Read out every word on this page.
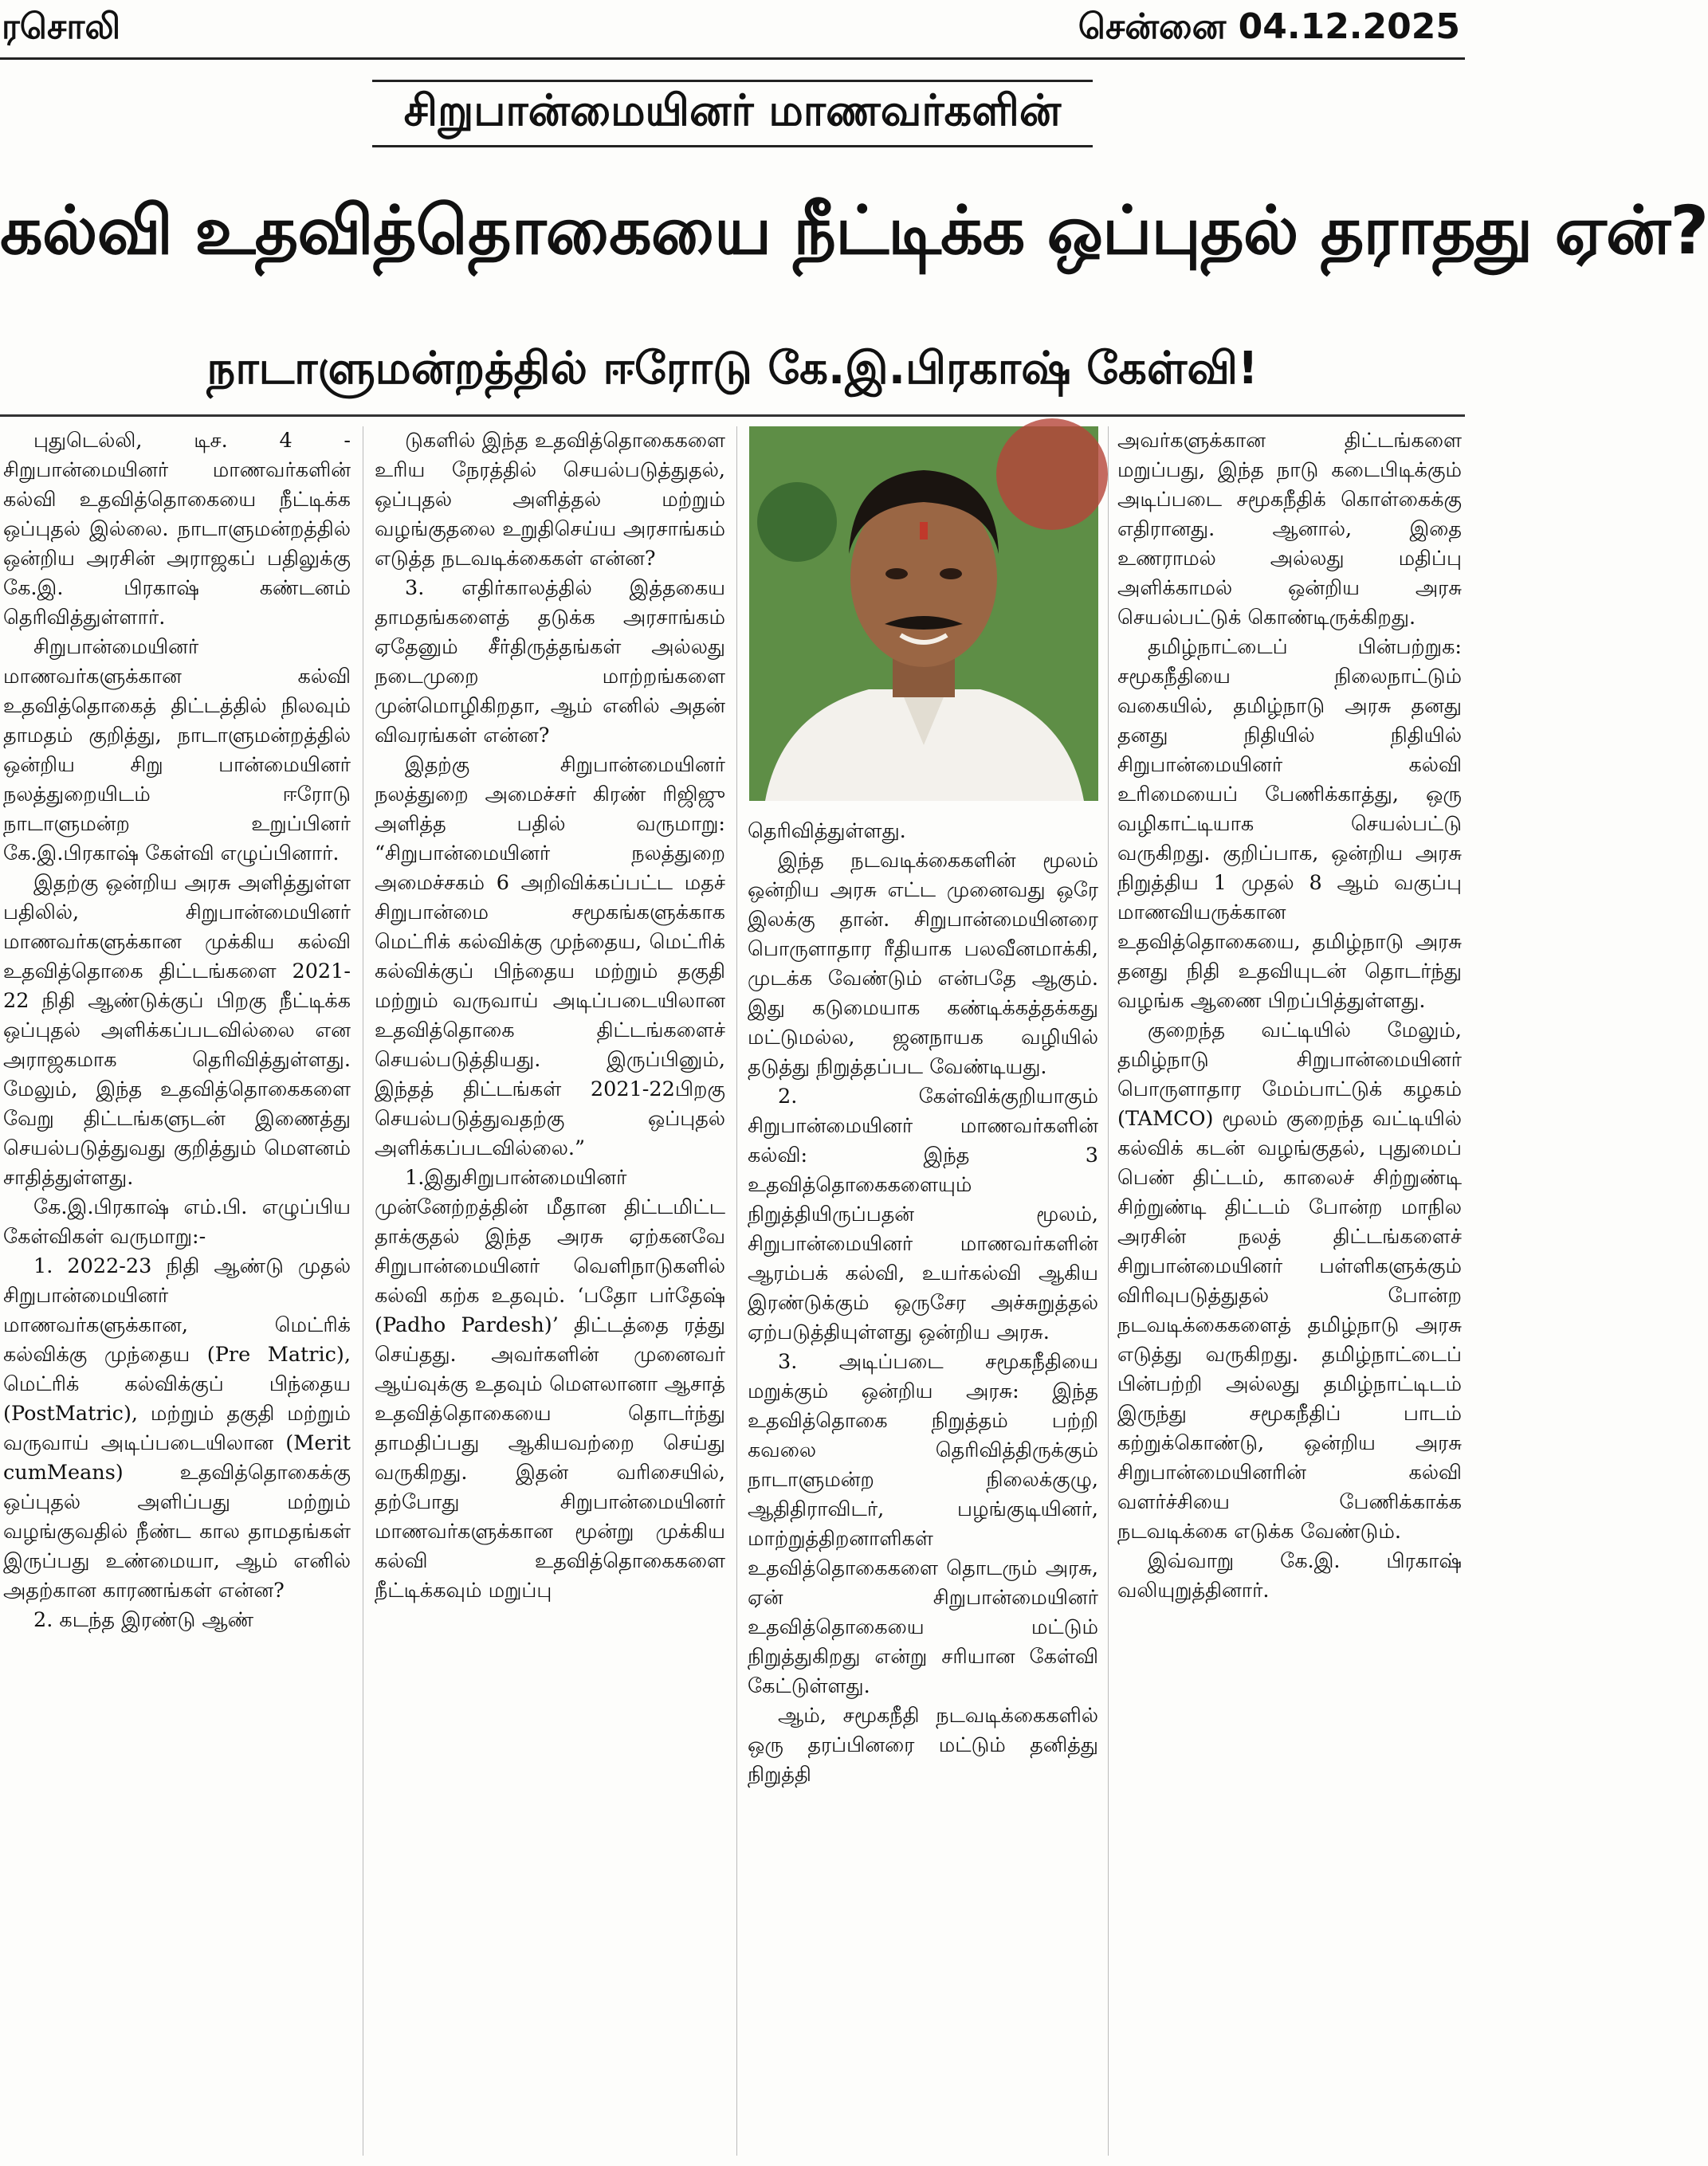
ரசொலி	சென்னை 04.12.2025
சிறுபான்மையினர் மாணவர்களின்
கல்வி உதவித்தொகையை நீட்டிக்க ஒப்புதல் தராதது ஏன்?
நாடாளுமன்றத்தில் ஈரோடு கே.இ.பிரகாஷ் கேள்வி!

புதுடெல்லி, டிச. 4 - சிறுபான்மையினர் மாணவர்களின் கல்வி உதவித்தொகையை நீட்டிக்க ஒப்புதல் இல்லை. நாடாளுமன்றத்தில் ஒன்றிய அரசின் அராஜகப் பதிலுக்கு கே.இ. பிரகாஷ் கண்டனம் தெரிவித்துள்ளார்.

சிறுபான்மையினர் மாணவர்களுக்கான கல்வி உதவித்தொகைத் திட்டத்தில் நிலவும் தாமதம் குறித்து, நாடாளுமன்றத்தில் ஒன்றிய சிறு பான்மையினர் நலத்துறையிடம் ஈரோடு நாடாளுமன்ற உறுப்பினர் கே.இ.பிரகாஷ் கேள்வி எழுப்பினார்.

இதற்கு ஒன்றிய அரசு அளித்துள்ள பதிலில், சிறுபான்மையினர் மாணவர்களுக்கான முக்கிய கல்வி உதவித்தொகை திட்டங்களை 2021-22 நிதி ஆண்டுக்குப் பிறகு நீட்டிக்க ஒப்புதல் அளிக்கப்படவில்லை என அராஜகமாக தெரிவித்துள்ளது. மேலும், இந்த உதவித்தொகைகளை வேறு திட்டங்களுடன் இணைத்து செயல்படுத்துவது குறித்தும் மௌனம் சாதித்துள்ளது.

கே.இ.பிரகாஷ் எம்.பி. எழுப்பிய கேள்விகள் வருமாறு:-

1. 2022-23 நிதி ஆண்டு முதல் சிறுபான்மையினர் மாணவர்களுக்கான, மெட்ரிக் கல்விக்கு முந்தைய (Pre Matric), மெட்ரிக் கல்விக்குப் பிந்தைய (PostMatric), மற்றும் தகுதி மற்றும் வருவாய் அடிப்படையிலான (Merit cumMeans) உதவித்தொகைக்கு ஒப்புதல் அளிப்பது மற்றும் வழங்குவதில் நீண்ட கால தாமதங்கள் இருப்பது உண்மையா, ஆம் எனில் அதற்கான காரணங்கள் என்ன?

2. கடந்த இரண்டு ஆண்

டுகளில் இந்த உதவித்தொகைகளை உரிய நேரத்தில் செயல்படுத்துதல், ஒப்புதல் அளித்தல் மற்றும் வழங்குதலை உறுதிசெய்ய அரசாங்கம் எடுத்த நடவடிக்கைகள் என்ன?

3. எதிர்காலத்தில் இத்தகைய தாமதங்களைத் தடுக்க அரசாங்கம் ஏதேனும் சீர்திருத்தங்கள் அல்லது நடைமுறை மாற்றங்களை முன்மொழிகிறதா, ஆம் எனில் அதன் விவரங்கள் என்ன?

இதற்கு சிறுபான்மையினர் நலத்துறை அமைச்சர் கிரண் ரிஜிஜு அளித்த பதில் வருமாறு: “சிறுபான்மையினர் நலத்துறை அமைச்சகம் 6 அறிவிக்கப்பட்ட மதச் சிறுபான்மை சமூகங்களுக்காக மெட்ரிக் கல்விக்கு முந்தைய, மெட்ரிக் கல்விக்குப் பிந்தைய மற்றும் தகுதி மற்றும் வருவாய் அடிப்படையிலான உதவித்தொகை திட்டங்களைச் செயல்படுத்தியது. இருப்பினும், இந்தத் திட்டங்கள் 2021-22பிறகு செயல்படுத்துவதற்கு ஒப்புதல் அளிக்கப்படவில்லை.”

1.இதுசிறுபான்மையினர் முன்னேற்றத்தின் மீதான திட்டமிட்ட தாக்குதல் இந்த அரசு ஏற்கனவே சிறுபான்மையினர் வெளிநாடுகளில் கல்வி கற்க உதவும். ‘பதோ பர்தேஷ் (Padho Pardesh)’ திட்டத்தை ரத்து செய்தது. அவர்களின் முனைவர் ஆய்வுக்கு உதவும் மௌலானா ஆசாத் உதவித்தொகையை தொடர்ந்து தாமதிப்பது ஆகியவற்றை செய்து வருகிறது. இதன் வரிசையில், தற்போது சிறுபான்மையினர் மாணவர்களுக்கான மூன்று முக்கிய கல்வி உதவித்தொகைகளை நீட்டிக்கவும் மறுப்பு

தெரிவித்துள்ளது.

இந்த நடவடிக்கைகளின் மூலம் ஒன்றிய அரசு எட்ட முனைவது ஒரே இலக்கு தான். சிறுபான்மையினரை பொருளாதார ரீதியாக பலவீனமாக்கி, முடக்க வேண்டும் என்பதே ஆகும். இது கடுமையாக கண்டிக்கத்தக்கது மட்டுமல்ல, ஜனநாயக வழியில் தடுத்து நிறுத்தப்பட வேண்டியது.

2. கேள்விக்குறியாகும் சிறுபான்மையினர் மாணவர்களின் கல்வி: இந்த 3 உதவித்தொகைகளையும் நிறுத்தியிருப்பதன் மூலம், சிறுபான்மையினர் மாணவர்களின் ஆரம்பக் கல்வி, உயர்கல்வி ஆகிய இரண்டுக்கும் ஒருசேர அச்சுறுத்தல் ஏற்படுத்தியுள்ளது ஒன்றிய அரசு.

3. அடிப்படை சமூகநீதியை மறுக்கும் ஒன்றிய அரசு: இந்த உதவித்தொகை நிறுத்தம் பற்றி கவலை தெரிவித்திருக்கும் நாடாளுமன்ற நிலைக்குழு, ஆதிதிராவிடர், பழங்குடியினர், மாற்றுத்திறனாளிகள் உதவித்தொகைகளை தொடரும் அரசு, ஏன் சிறுபான்மையினர் உதவித்தொகையை மட்டும் நிறுத்துகிறது என்று சரியான கேள்வி கேட்டுள்ளது.

ஆம், சமூகநீதி நடவடிக்கைகளில் ஒரு தரப்பினரை மட்டும் தனித்து நிறுத்தி

அவர்களுக்கான திட்டங்களை மறுப்பது, இந்த நாடு கடைபிடிக்கும் அடிப்படை சமூகநீதிக் கொள்கைக்கு எதிரானது. ஆனால், இதை உணராமல் அல்லது மதிப்பு அளிக்காமல் ஒன்றிய அரசு செயல்பட்டுக் கொண்டிருக்கிறது.

தமிழ்நாட்டைப் பின்பற்றுக: சமூகநீதியை நிலைநாட்டும் வகையில், தமிழ்நாடு அரசு தனது தனது நிதியில் நிதியில் சிறுபான்மையினர் கல்வி உரிமையைப் பேணிக்காத்து, ஒரு வழிகாட்டியாக செயல்பட்டு வருகிறது. குறிப்பாக, ஒன்றிய அரசு நிறுத்திய 1 முதல் 8 ஆம் வகுப்பு மாணவியருக்கான உதவித்தொகையை, தமிழ்நாடு அரசு தனது நிதி உதவியுடன் தொடர்ந்து வழங்க ஆணை பிறப்பித்துள்ளது.

குறைந்த வட்டியில் மேலும், தமிழ்நாடு சிறுபான்மையினர் பொருளாதார மேம்பாட்டுக் கழகம் (TAMCO) மூலம் குறைந்த வட்டியில் கல்விக் கடன் வழங்குதல், புதுமைப் பெண் திட்டம், காலைச் சிற்றுண்டி சிற்றுண்டி திட்டம் போன்ற மாநில அரசின் நலத் திட்டங்களைச் சிறுபான்மையினர் பள்ளிகளுக்கும் விரிவுபடுத்துதல் போன்ற நடவடிக்கைகளைத் தமிழ்நாடு அரசு எடுத்து வருகிறது. தமிழ்நாட்டைப் பின்பற்றி அல்லது தமிழ்நாட்டிடம் இருந்து சமூகநீதிப் பாடம் கற்றுக்கொண்டு, ஒன்றிய அரசு சிறுபான்மையினரின் கல்வி வளர்ச்சியை பேணிக்காக்க நடவடிக்கை எடுக்க வேண்டும்.

இவ்வாறு கே.இ. பிரகாஷ் வலியுறுத்தினார்.
